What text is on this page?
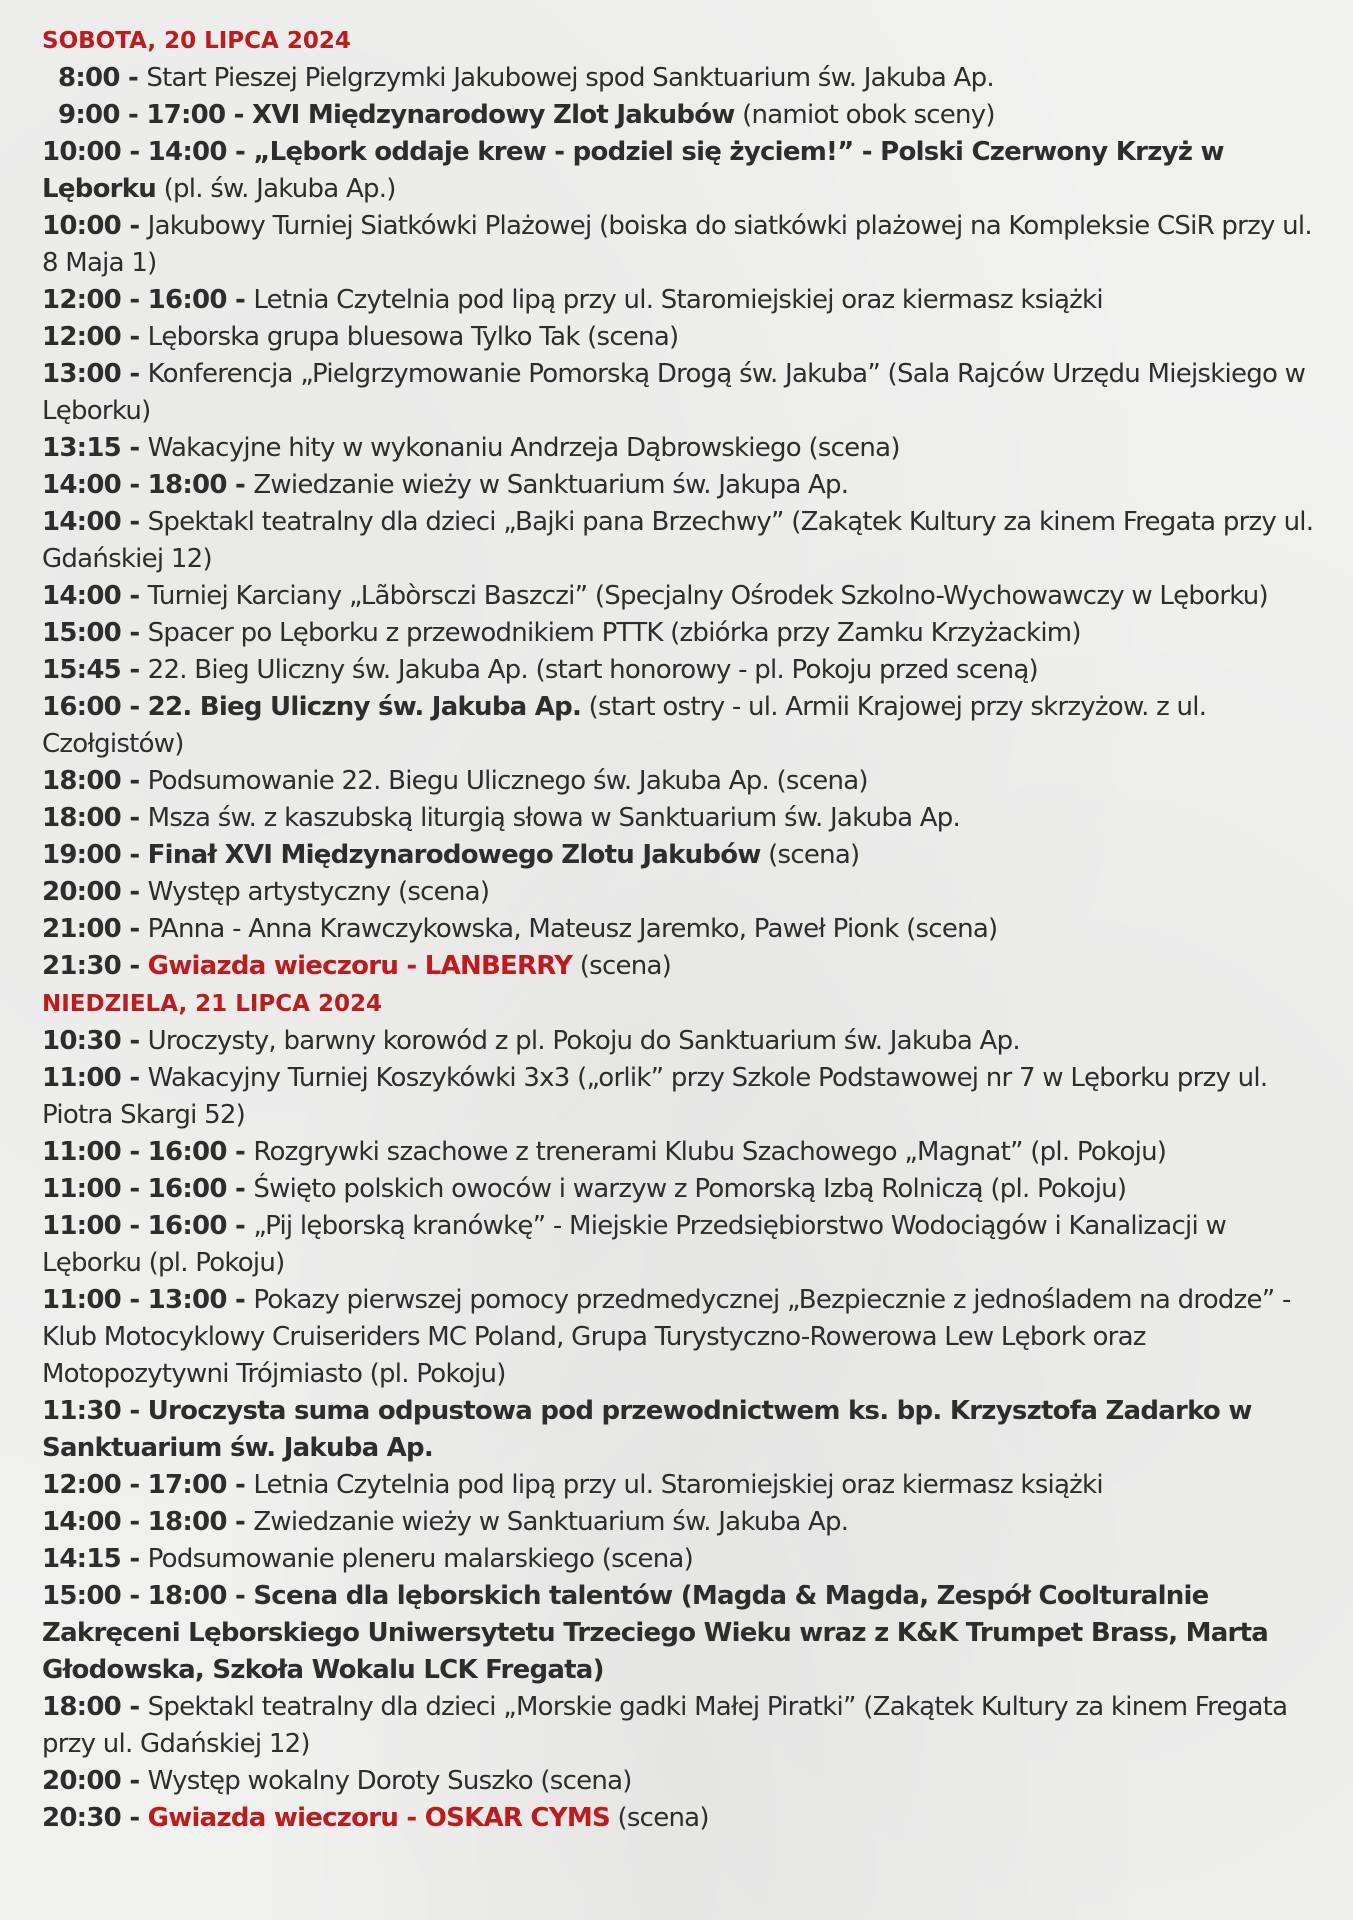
SOBOTA, 20 LIPCA 2024
8:00 - Start Pieszej Pielgrzymki Jakubowej spod Sanktuarium św. Jakuba Ap.
9:00 - 17:00 - XVI Międzynarodowy Zlot Jakubów (namiot obok sceny)
10:00 - 14:00 - „Lębork oddaje krew - podziel się życiem!” - Polski Czerwony Krzyż w Lęborku (pl. św. Jakuba Ap.)
10:00 - Jakubowy Turniej Siatkówki Plażowej (boiska do siatkówki plażowej na Kompleksie CSiR przy ul. 8 Maja 1)
12:00 - 16:00 - Letnia Czytelnia pod lipą przy ul. Staromiejskiej oraz kiermasz książki
12:00 - Lęborska grupa bluesowa Tylko Tak (scena)
13:00 - Konferencja „Pielgrzymowanie Pomorską Drogą św. Jakuba” (Sala Rajców Urzędu Miejskiego w Lęborku)
13:15 - Wakacyjne hity w wykonaniu Andrzeja Dąbrowskiego (scena)
14:00 - 18:00 - Zwiedzanie wieży w Sanktuarium św. Jakupa Ap.
14:00 - Spektakl teatralny dla dzieci „Bajki pana Brzechwy” (Zakątek Kultury za kinem Fregata przy ul. Gdańskiej 12)
14:00 - Turniej Karciany „Lãbòrsczi Baszczi” (Specjalny Ośrodek Szkolno-Wychowawczy w Lęborku)
15:00 - Spacer po Lęborku z przewodnikiem PTTK (zbiórka przy Zamku Krzyżackim)
15:45 - 22. Bieg Uliczny św. Jakuba Ap. (start honorowy - pl. Pokoju przed sceną)
16:00 - 22. Bieg Uliczny św. Jakuba Ap. (start ostry - ul. Armii Krajowej przy skrzyżow. z ul. Czołgistów)
18:00 - Podsumowanie 22. Biegu Ulicznego św. Jakuba Ap. (scena)
18:00 - Msza św. z kaszubską liturgią słowa w Sanktuarium św. Jakuba Ap.
19:00 - Finał XVI Międzynarodowego Zlotu Jakubów (scena)
20:00 - Występ artystyczny (scena)
21:00 - PAnna - Anna Krawczykowska, Mateusz Jaremko, Paweł Pionk (scena)
21:30 - Gwiazda wieczoru - LANBERRY (scena)
NIEDZIELA, 21 LIPCA 2024
10:30 - Uroczysty, barwny korowód z pl. Pokoju do Sanktuarium św. Jakuba Ap.
11:00 - Wakacyjny Turniej Koszykówki 3x3 („orlik” przy Szkole Podstawowej nr 7 w Lęborku przy ul. Piotra Skargi 52)
11:00 - 16:00 - Rozgrywki szachowe z trenerami Klubu Szachowego „Magnat” (pl. Pokoju)
11:00 - 16:00 - Święto polskich owoców i warzyw z Pomorską Izbą Rolniczą (pl. Pokoju)
11:00 - 16:00 - „Pij lęborską kranówkę” - Miejskie Przedsiębiorstwo Wodociągów i Kanalizacji w Lęborku (pl. Pokoju)
11:00 - 13:00 - Pokazy pierwszej pomocy przedmedycznej „Bezpiecznie z jednośladem na drodze” - Klub Motocyklowy Cruiseriders MC Poland, Grupa Turystyczno-Rowerowa Lew Lębork oraz Motopozytywni Trójmiasto (pl. Pokoju)
11:30 - Uroczysta suma odpustowa pod przewodnictwem ks. bp. Krzysztofa Zadarko w Sanktuarium św. Jakuba Ap.
12:00 - 17:00 - Letnia Czytelnia pod lipą przy ul. Staromiejskiej oraz kiermasz książki
14:00 - 18:00 - Zwiedzanie wieży w Sanktuarium św. Jakuba Ap.
14:15 - Podsumowanie pleneru malarskiego (scena)
15:00 - 18:00 - Scena dla lęborskich talentów (Magda & Magda, Zespół Coolturalnie Zakręceni Lęborskiego Uniwersytetu Trzeciego Wieku wraz z K&K Trumpet Brass, Marta Głodowska, Szkoła Wokalu LCK Fregata)
18:00 - Spektakl teatralny dla dzieci „Morskie gadki Małej Piratki” (Zakątek Kultury za kinem Fregata przy ul. Gdańskiej 12)
20:00 - Występ wokalny Doroty Suszko (scena)
20:30 - Gwiazda wieczoru - OSKAR CYMS (scena)
